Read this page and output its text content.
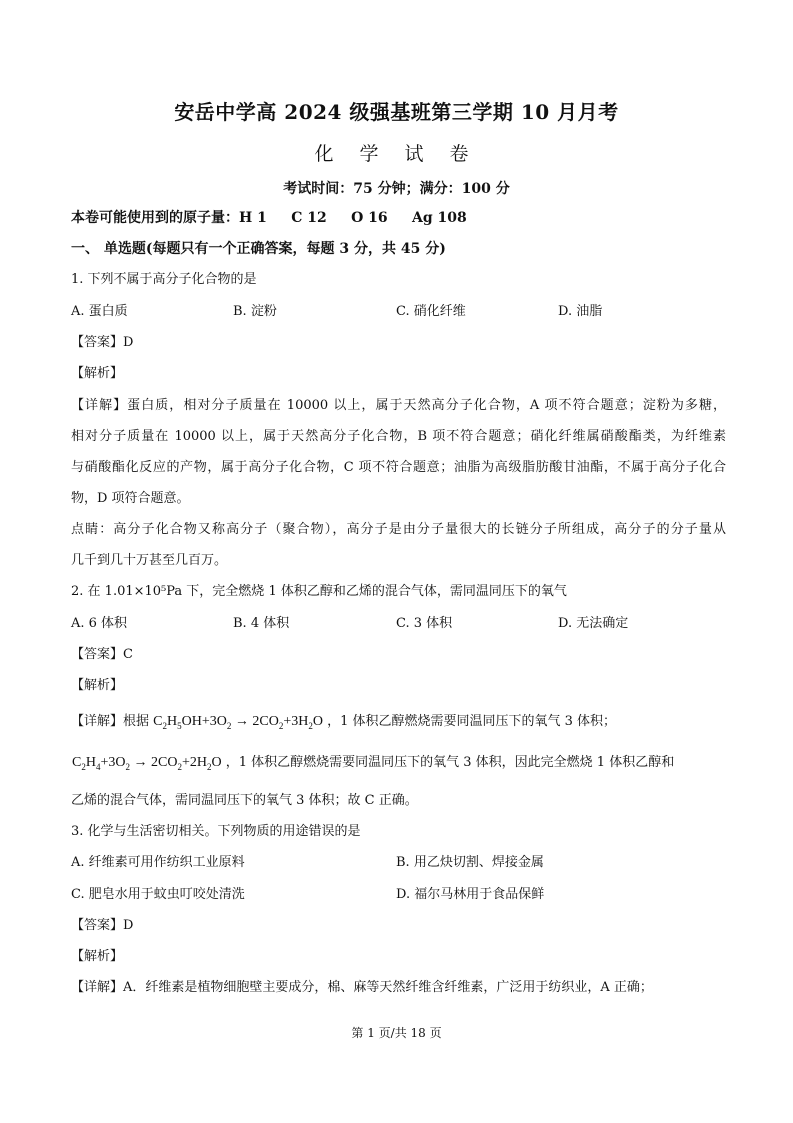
安岳中学高 2024 级强基班第三学期 10 月月考
化 学 试 卷
考试时间：75 分钟；满分：100 分
本卷可能使用到的原子量：H 1     C 12     O 16     Ag 108
一、 单选题(每题只有一个正确答案，每题 3 分，共 45 分)
1. 下列不属于高分子化合物的是
A. 蛋白质	B. 淀粉	C. 硝化纤维	D. 油脂
【答案】D
【解析】
【详解】蛋白质，相对分子质量在 10000 以上，属于天然高分子化合物，A 项不符合题意；淀粉为多糖，
相对分子质量在 10000 以上，属于天然高分子化合物，B 项不符合题意；硝化纤维属硝酸酯类，为纤维素
与硝酸酯化反应的产物，属于高分子化合物，C 项不符合题意；油脂为高级脂肪酸甘油酯，不属于高分子化合
物，D 项符合题意。
点睛：高分子化合物又称高分子（聚合物），高分子是由分子量很大的长链分子所组成，高分子的分子量从
几千到几十万甚至几百万。
2. 在 1.01×10⁵Pa 下，完全燃烧 1 体积乙醇和乙烯的混合气体，需同温同压下的氧气
A. 6 体积	B. 4 体积	C. 3 体积	D. 无法确定
【答案】C
【解析】
【详解】根据 $C_2H_5OH+3O_2 \to 2CO_2+3H_2O$ ，1 体积乙醇燃烧需要同温同压下的氧气 3 体积；
$C_2H_4+3O_2 \to 2CO_2+2H_2O$ ，1 体积乙醇燃烧需要同温同压下的氧气 3 体积，因此完全燃烧 1 体积乙醇和
乙烯的混合气体，需同温同压下的氧气 3 体积；故 C 正确。
3. 化学与生活密切相关。下列物质的用途错误的是
A. 纤维素可用作纺织工业原料	B. 用乙炔切割、焊接金属
C. 肥皂水用于蚊虫叮咬处清洗	D. 福尔马林用于食品保鲜
【答案】D
【解析】
【详解】A．纤维素是植物细胞壁主要成分，棉、麻等天然纤维含纤维素，广泛用于纺织业，A 正确；
第 1 页/共 18 页
